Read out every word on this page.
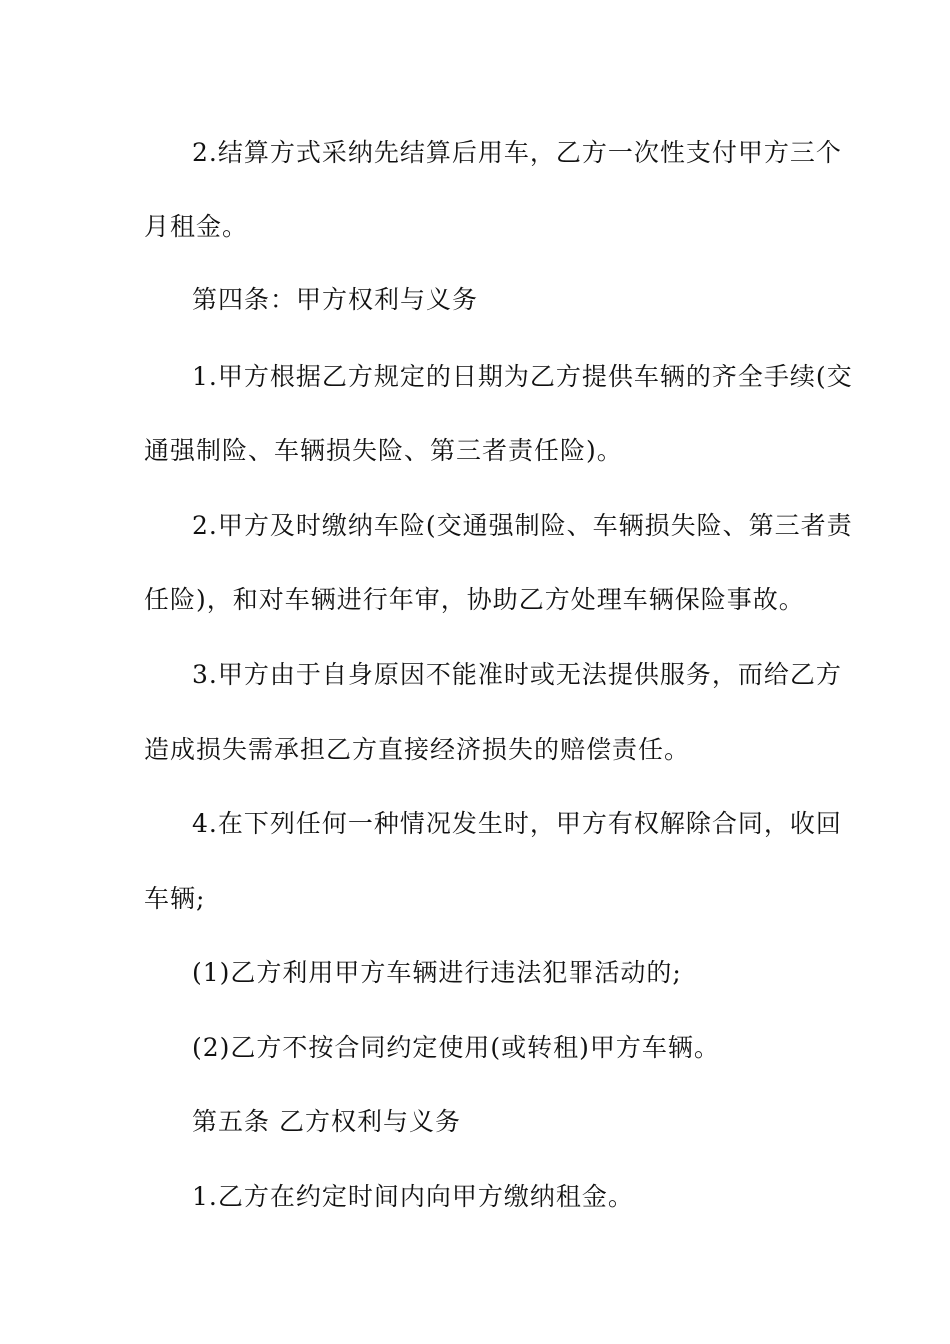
2.结算方式采纳先结算后用车，乙方一次性支付甲方三个
月租金。
第四条：甲方权利与义务
1.甲方根据乙方规定的日期为乙方提供车辆的齐全手续(交
通强制险、车辆损失险、第三者责任险)。
2.甲方及时缴纳车险(交通强制险、车辆损失险、第三者责
任险)，和对车辆进行年审，协助乙方处理车辆保险事故。
3.甲方由于自身原因不能准时或无法提供服务，而给乙方
造成损失需承担乙方直接经济损失的赔偿责任。
4.在下列任何一种情况发生时，甲方有权解除合同，收回
车辆;
(1)乙方利用甲方车辆进行违法犯罪活动的;
(2)乙方不按合同约定使用(或转租)甲方车辆。
第五条 乙方权利与义务
1.乙方在约定时间内向甲方缴纳租金。
